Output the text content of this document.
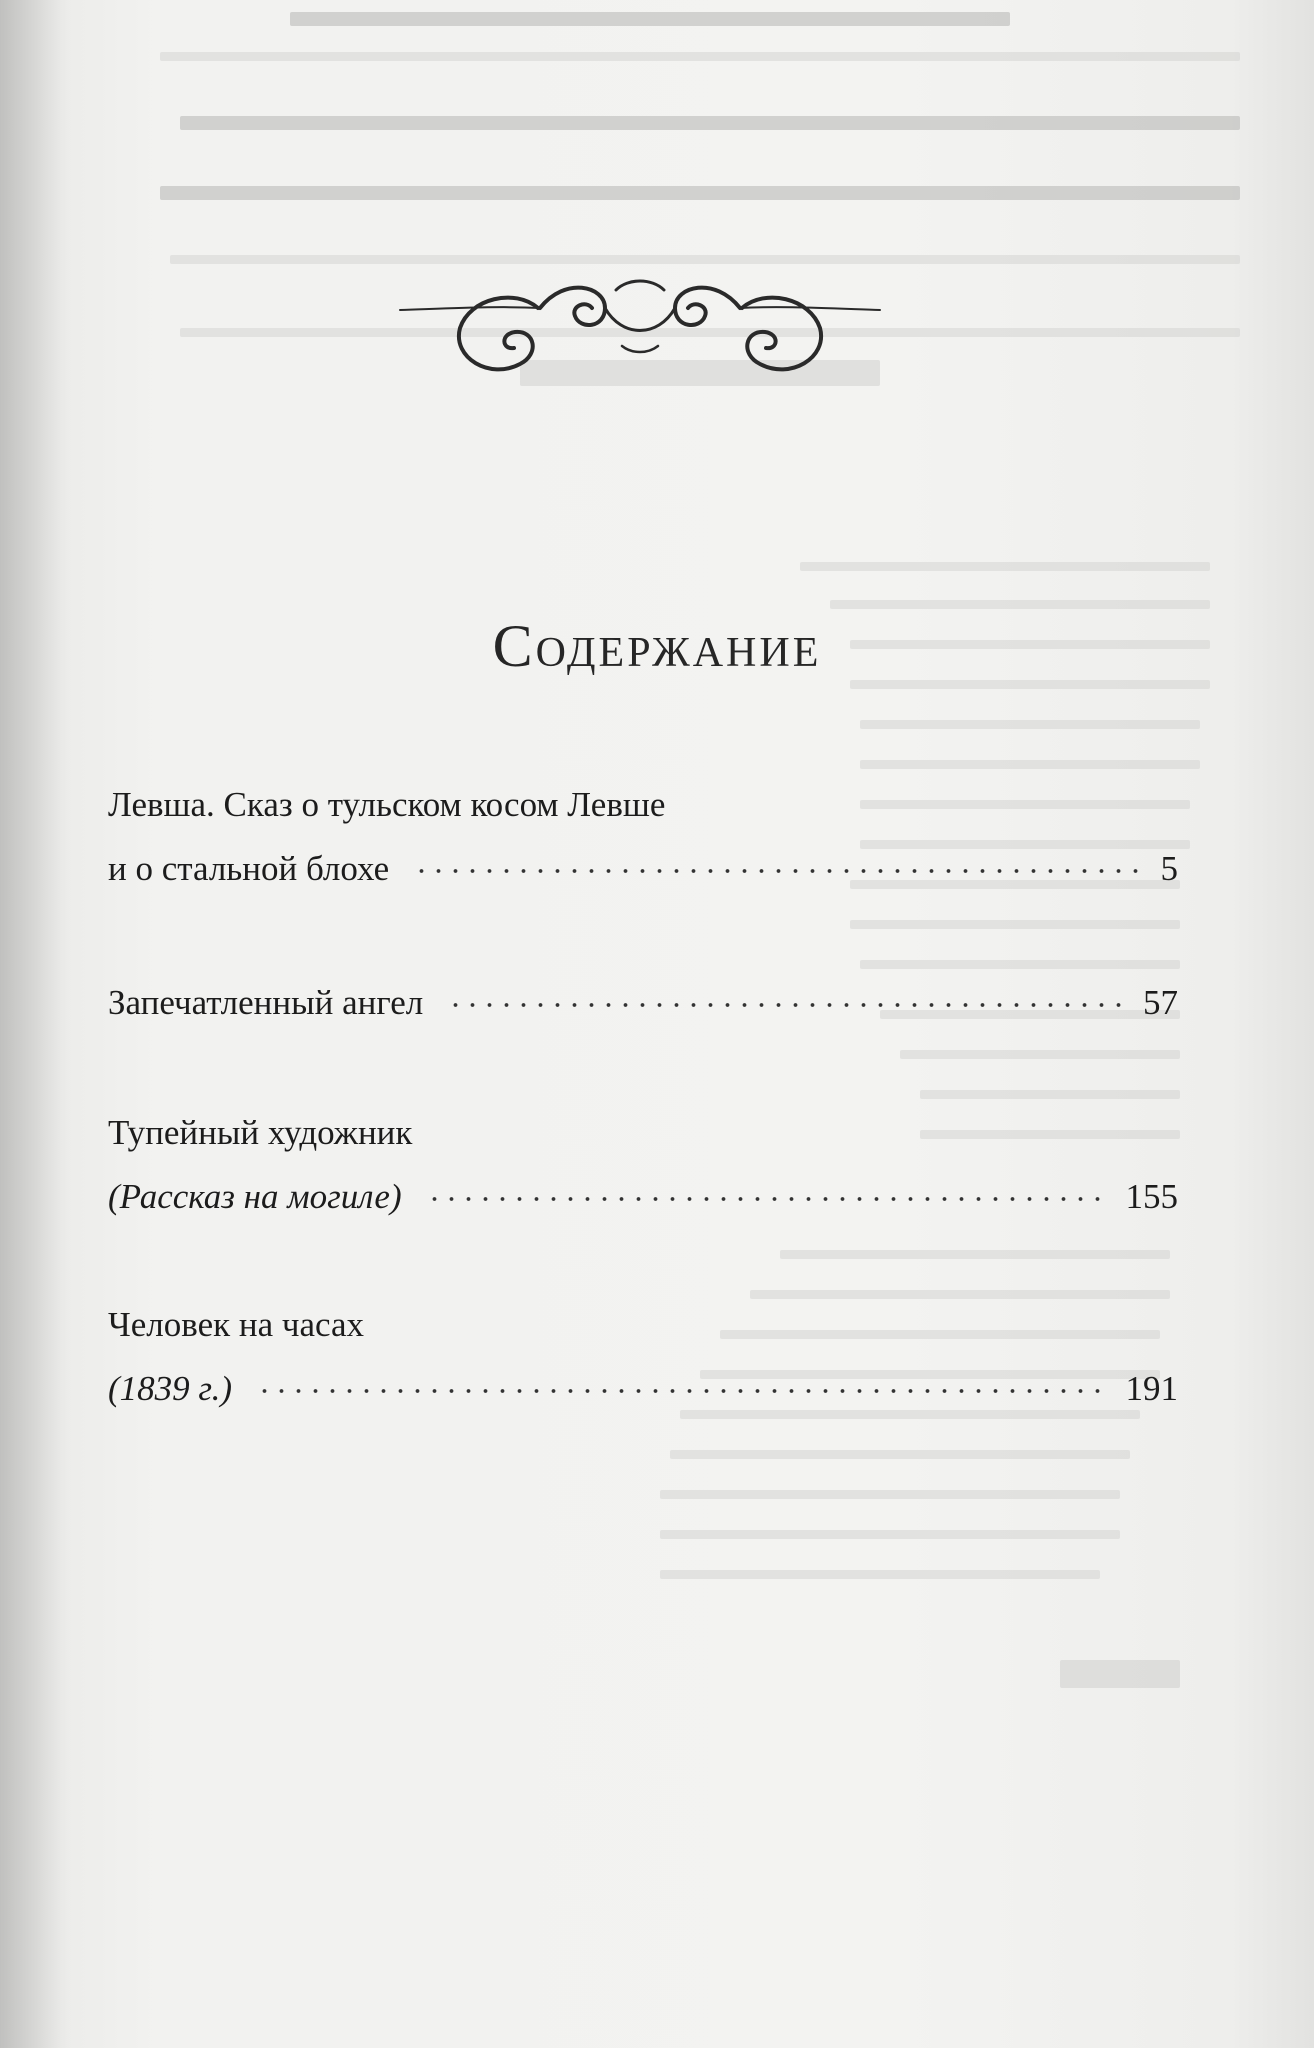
Содержание
Левша. Сказ о тульском косом Левше
и о стальной блохе	5
Запечатленный ангел	57
Тупейный художник
(Рассказ на могиле)	155
Человек на часах
(1839 г.)	191
